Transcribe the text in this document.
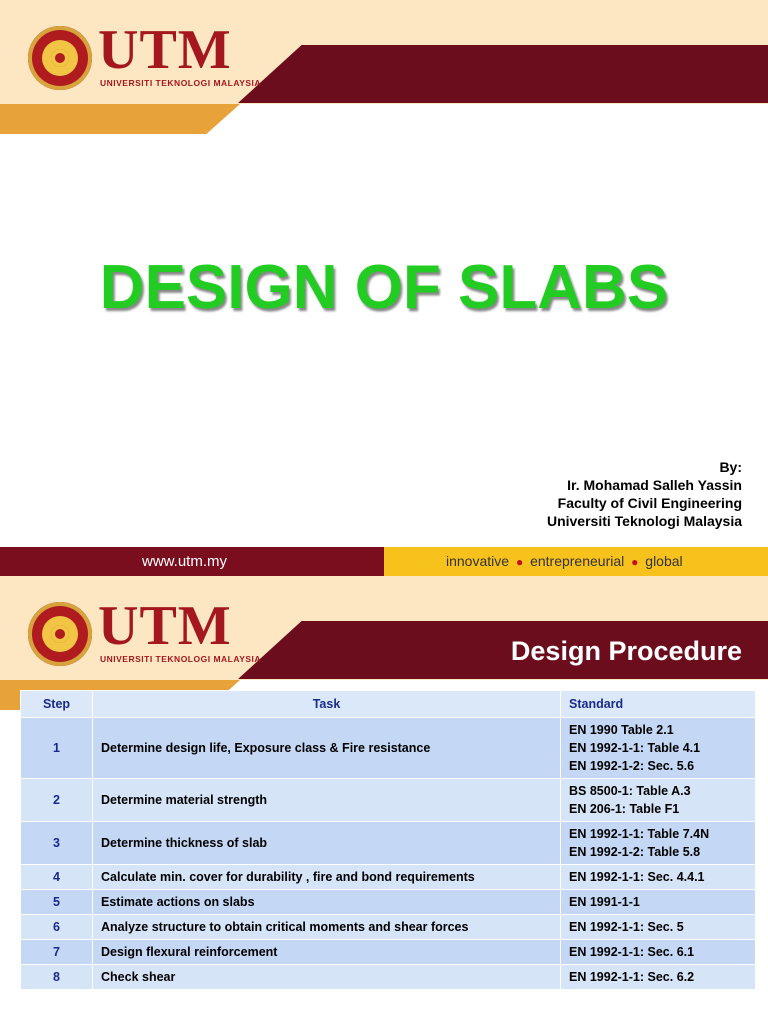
UTM
UNIVERSITI TEKNOLOGI MALAYSIA
DESIGN OF SLABS
By:
Ir. Mohamad Salleh Yassin
Faculty of Civil Engineering
Universiti Teknologi Malaysia
www.utm.my	innovative ● entrepreneurial ● global
UTM
UNIVERSITI TEKNOLOGI MALAYSIA	Design Procedure
Step	Task	Standard
1	Determine design life, Exposure class & Fire resistance	EN 1990 Table 2.1
EN 1992-1-1: Table 4.1
EN 1992-1-2: Sec. 5.6

2	Determine material strength	BS 8500-1: Table A.3
EN 206-1: Table F1

3	Determine thickness of slab	EN 1992-1-1: Table 7.4N
EN 1992-1-2: Table 5.8

4	Calculate min. cover for durability , fire and bond requirements	EN 1992-1-1: Sec. 4.4.1

5	Estimate actions on slabs	EN 1991-1-1

6	Analyze structure to obtain critical moments and shear forces	EN 1992-1-1: Sec. 5

7	Design flexural reinforcement	EN 1992-1-1: Sec. 6.1

8	Check shear	EN 1992-1-1: Sec. 6.2
